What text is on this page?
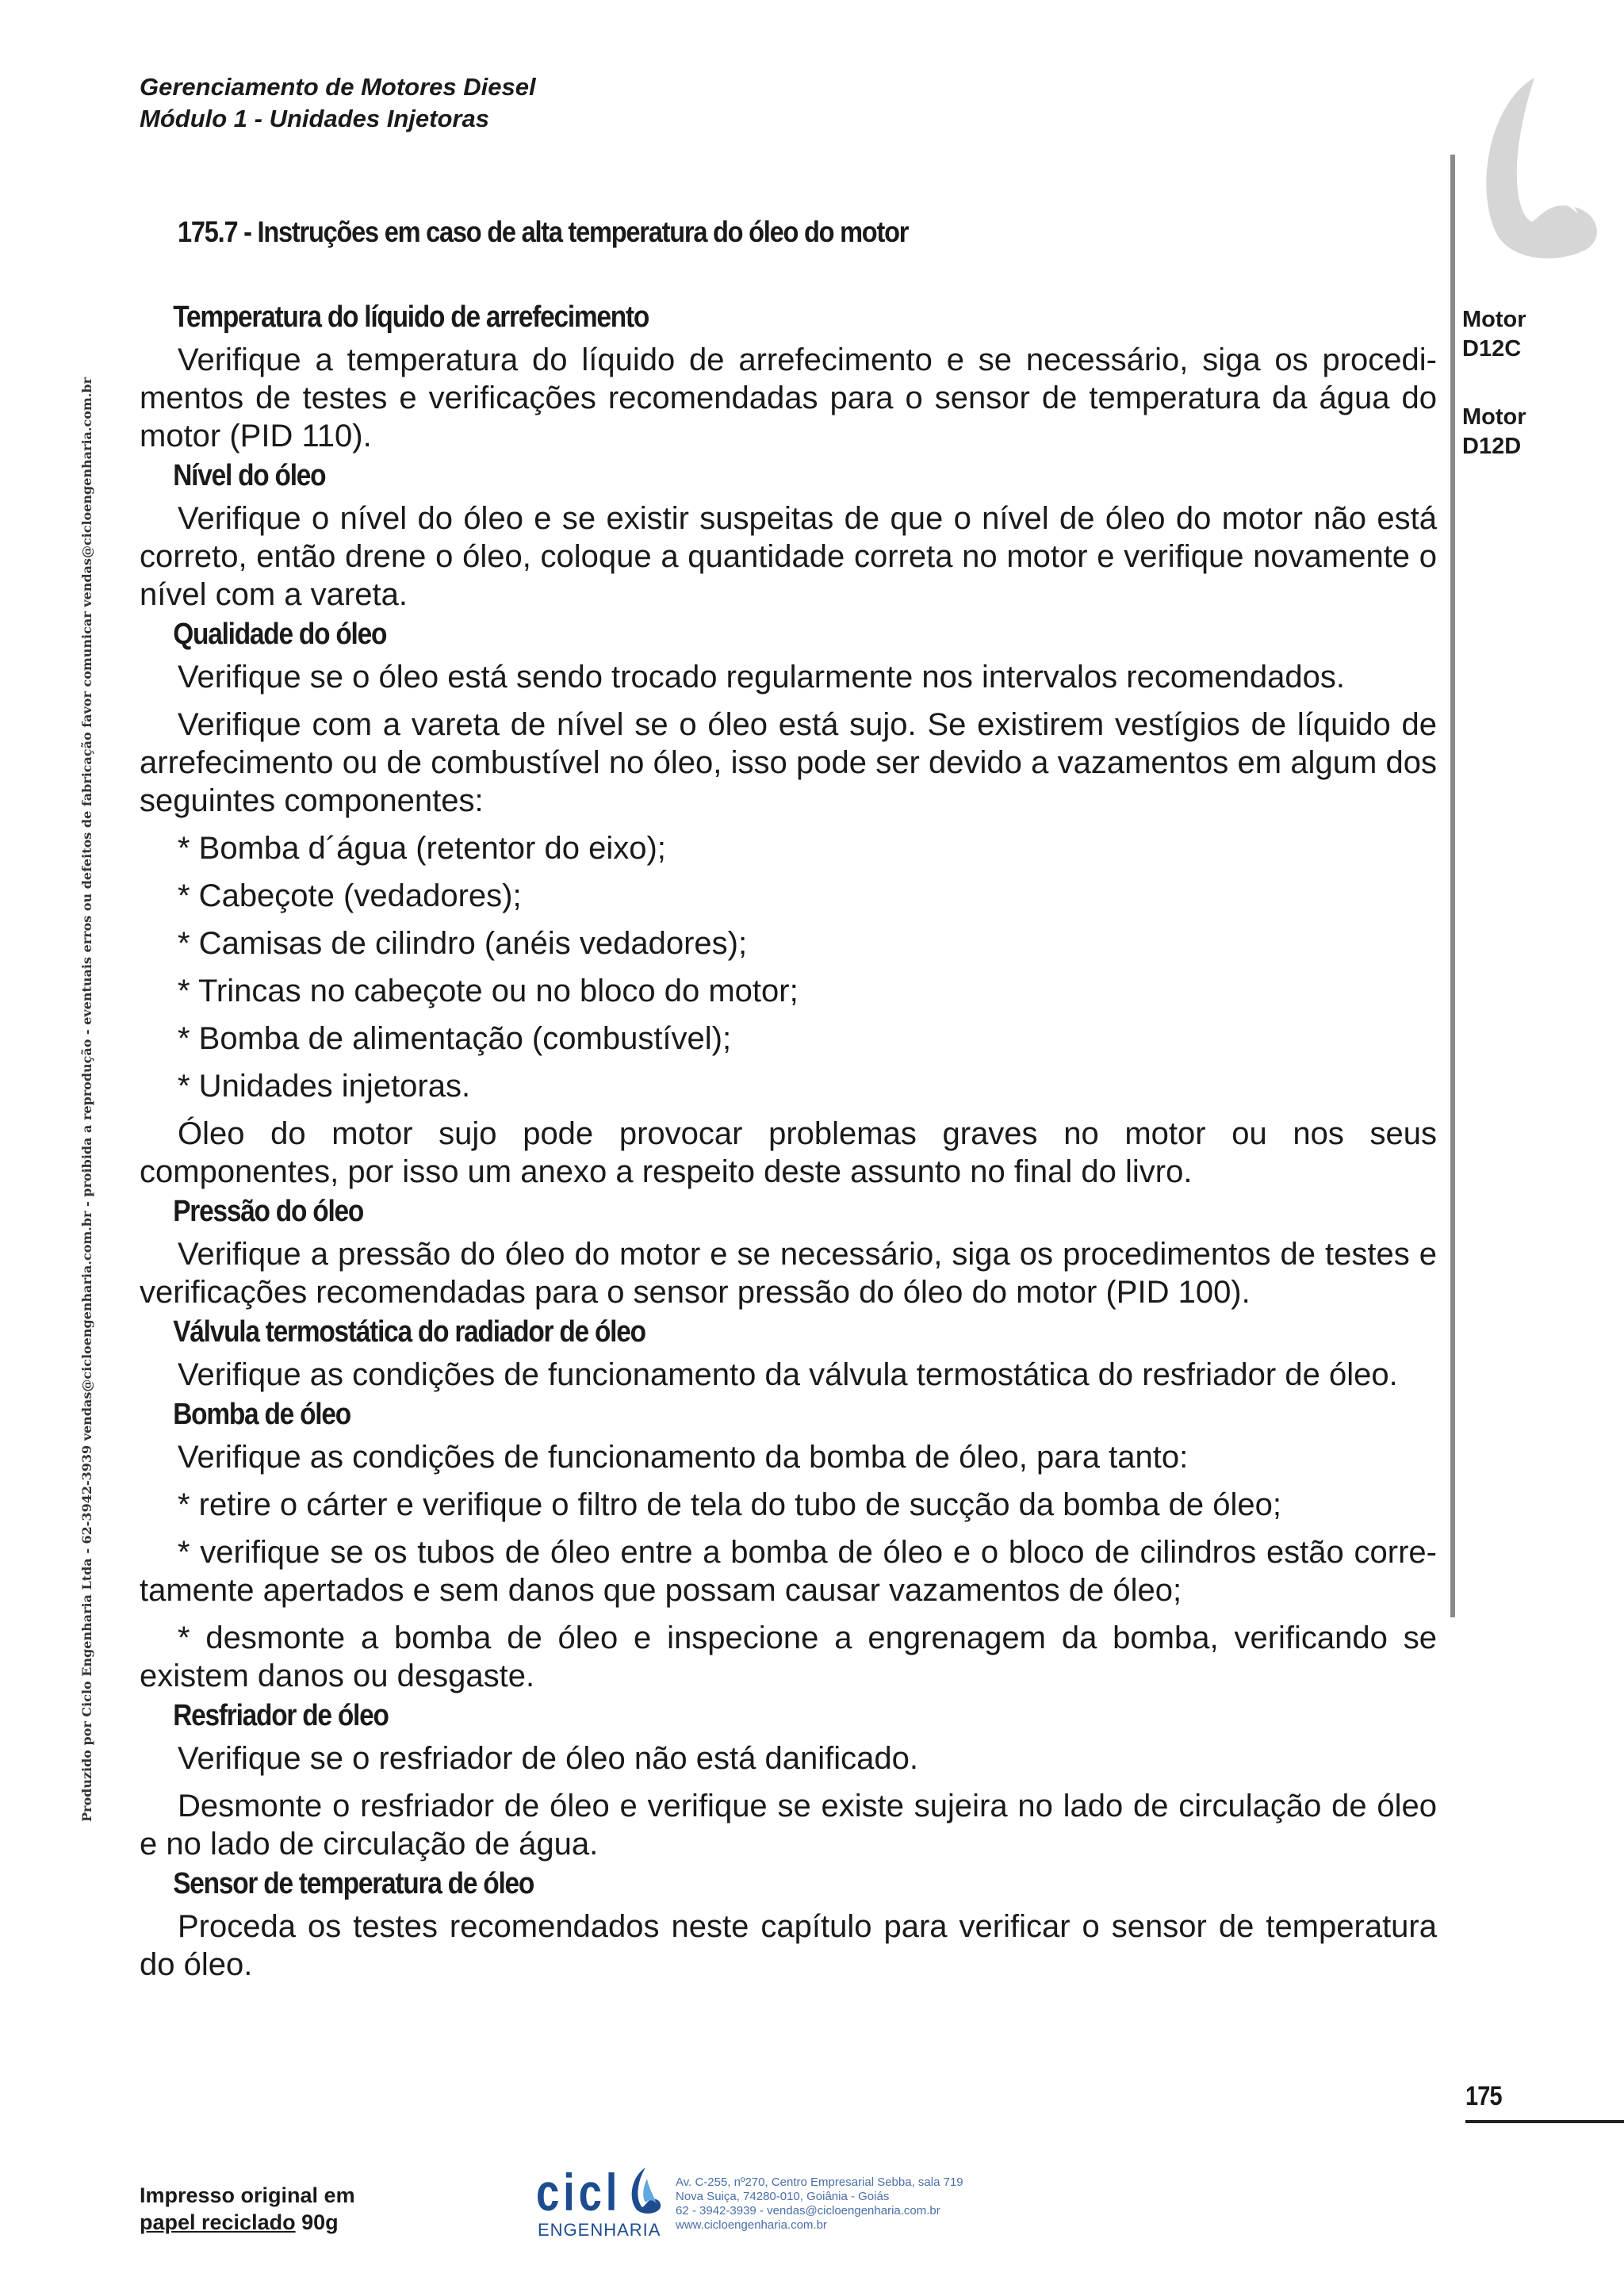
Gerenciamento de Motores Diesel
Módulo 1 - Unidades Injetoras
Motor
D12C
Motor
D12D
Produzido por Ciclo Engenharia Ltda - 62-3942-3939 vendas@cicloengenharia.com.br - proibida a reprodução - eventuais erros ou defeitos de fabricação favor comunicar vendas@cicloengenharia.com.br
175.7 - Instruções em caso de alta temperatura do óleo do motor
Temperatura do líquido de arrefecimento

Verifique a temperatura do líquido de arrefecimento e se necessário, siga os procedimentos de testes e verificações recomendadas para o sensor de temperatura da água do motor (PID 110).

Nível do óleo

Verifique o nível do óleo e se existir suspeitas de que o nível de óleo do motor não está correto, então drene o óleo, coloque a quantidade correta no motor e verifique novamente o nível com a vareta.

Qualidade do óleo

Verifique se o óleo está sendo trocado regularmente nos intervalos recomendados.

Verifique com a vareta de nível se o óleo está sujo. Se existirem vestígios de líquido de arrefecimento ou de combustível no óleo, isso pode ser devido a vazamentos em algum dos seguintes componentes:

* Bomba d´água (retentor do eixo);

* Cabeçote (vedadores);

* Camisas de cilindro (anéis vedadores);

* Trincas no cabeçote ou no bloco do motor;

* Bomba de alimentação (combustível);

* Unidades injetoras.

Óleo do motor sujo pode provocar problemas graves no motor ou nos seus componentes, por isso um anexo a respeito deste assunto no final do livro.

Pressão do óleo

Verifique a pressão do óleo do motor e se necessário, siga os procedimentos de testes e verificações recomendadas para o sensor pressão do óleo do motor (PID 100).

Válvula termostática do radiador de óleo

Verifique as condições de funcionamento da válvula termostática do resfriador de óleo.

Bomba de óleo

Verifique as condições de funcionamento da bomba de óleo, para tanto:

* retire o cárter e verifique o filtro de tela do tubo de sucção da bomba de óleo;

* verifique se os tubos de óleo entre a bomba de óleo e o bloco de cilindros estão corretamente apertados e sem danos que possam causar vazamentos de óleo;

* desmonte a bomba de óleo e inspecione a engrenagem da bomba, verificando se existem danos ou desgaste.

Resfriador de óleo

Verifique se o resfriador de óleo não está danificado.

Desmonte o resfriador de óleo e verifique se existe sujeira no lado de circulação de óleo e no lado de circulação de água.

Sensor de temperatura de óleo

Proceda os testes recomendados neste capítulo para verificar o sensor de temperatura do óleo.

175
Impresso original em
papel reciclado 90g
cicl
ENGENHARIA
Av. C-255, nº270, Centro Empresarial Sebba, sala 719
Nova Suiça, 74280-010, Goiânia - Goiás
62 - 3942-3939 - vendas@cicloengenharia.com.br
www.cicloengenharia.com.br
